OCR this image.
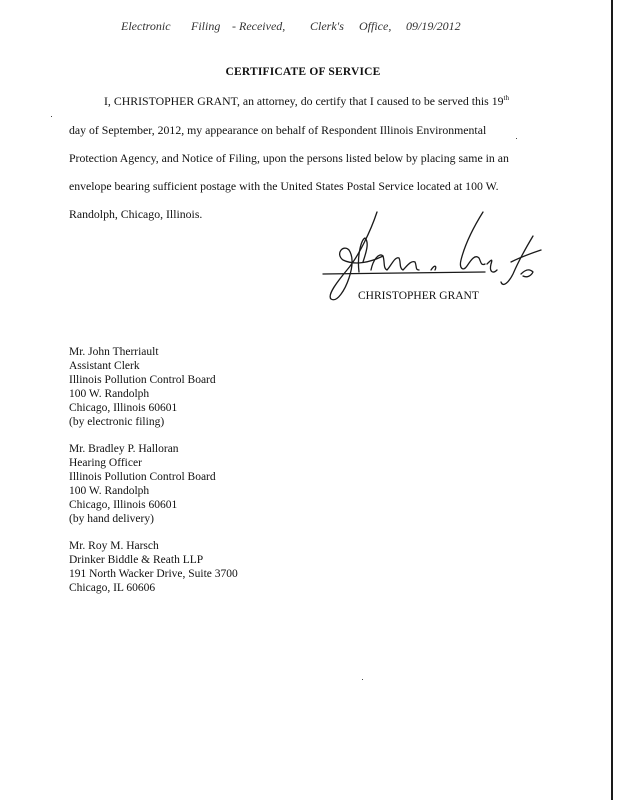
Electronic Filing - Received, Clerk's Office, 09/19/2012
CERTIFICATE OF SERVICE
I, CHRISTOPHER GRANT, an attorney, do certify that I caused to be served this 19th
day of September, 2012, my appearance on behalf of Respondent Illinois Environmental
Protection Agency, and Notice of Filing, upon the persons listed below by placing same in an
envelope bearing sufficient postage with the United States Postal Service located at 100 W.
Randolph, Chicago, Illinois.
CHRISTOPHER GRANT
Mr. John Therriault
Assistant Clerk
Illinois Pollution Control Board
100 W. Randolph
Chicago, Illinois 60601
(by electronic filing)
Mr. Bradley P. Halloran
Hearing Officer
Illinois Pollution Control Board
100 W. Randolph
Chicago, Illinois 60601
(by hand delivery)
Mr. Roy M. Harsch
Drinker Biddle & Reath LLP
191 North Wacker Drive, Suite 3700
Chicago, IL 60606
